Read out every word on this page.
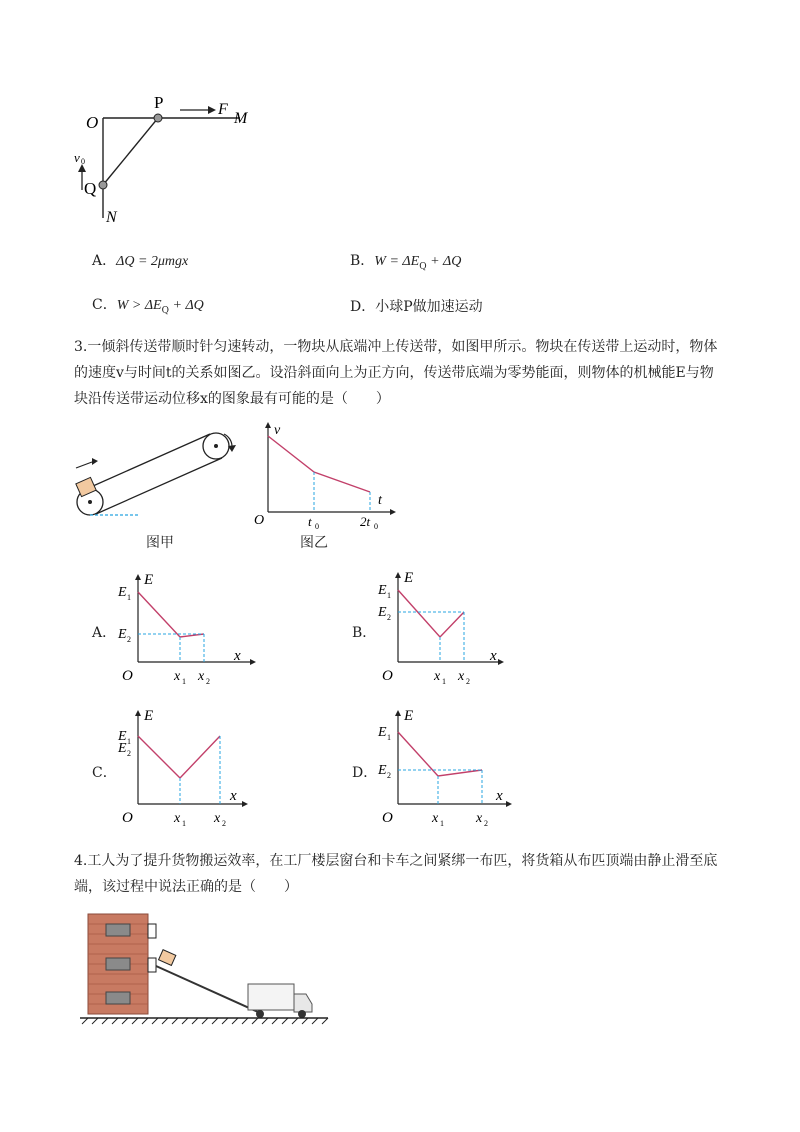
O
P	F
M
v 0
Q
N
A．ΔQ = 2μmgx	B．$W = \Delta E_Q + \Delta Q$
C．$W > \Delta E_Q + \Delta Q$	D．小球P做加速运动
3.一倾斜传送带顺时针匀速转动，一物块从底端冲上传送带，如图甲所示。物块在传送带上运动时，物体
的速度v与时间t的关系如图乙。设沿斜面向上为正方向，传送带底端为零势能面，则物体的机械能E与物
块沿传送带运动位移x的图象最有可能的是（　　）
图甲
v
t
O	t 0	2t 0
图乙
A．	B．
C．	D．
E
x
O
E 1
E 2
x 1 x 2
E
x
O
E 1
E 2
x 1 x 2
E
x
O
E 1
E 2
x 1 x 2
E
x
O
E 1
E 2
x 1 x 2
4.工人为了提升货物搬运效率，在工厂楼层窗台和卡车之间紧绑一布匹，将货箱从布匹顶端由静止滑至底
端，该过程中说法正确的是（　　）
